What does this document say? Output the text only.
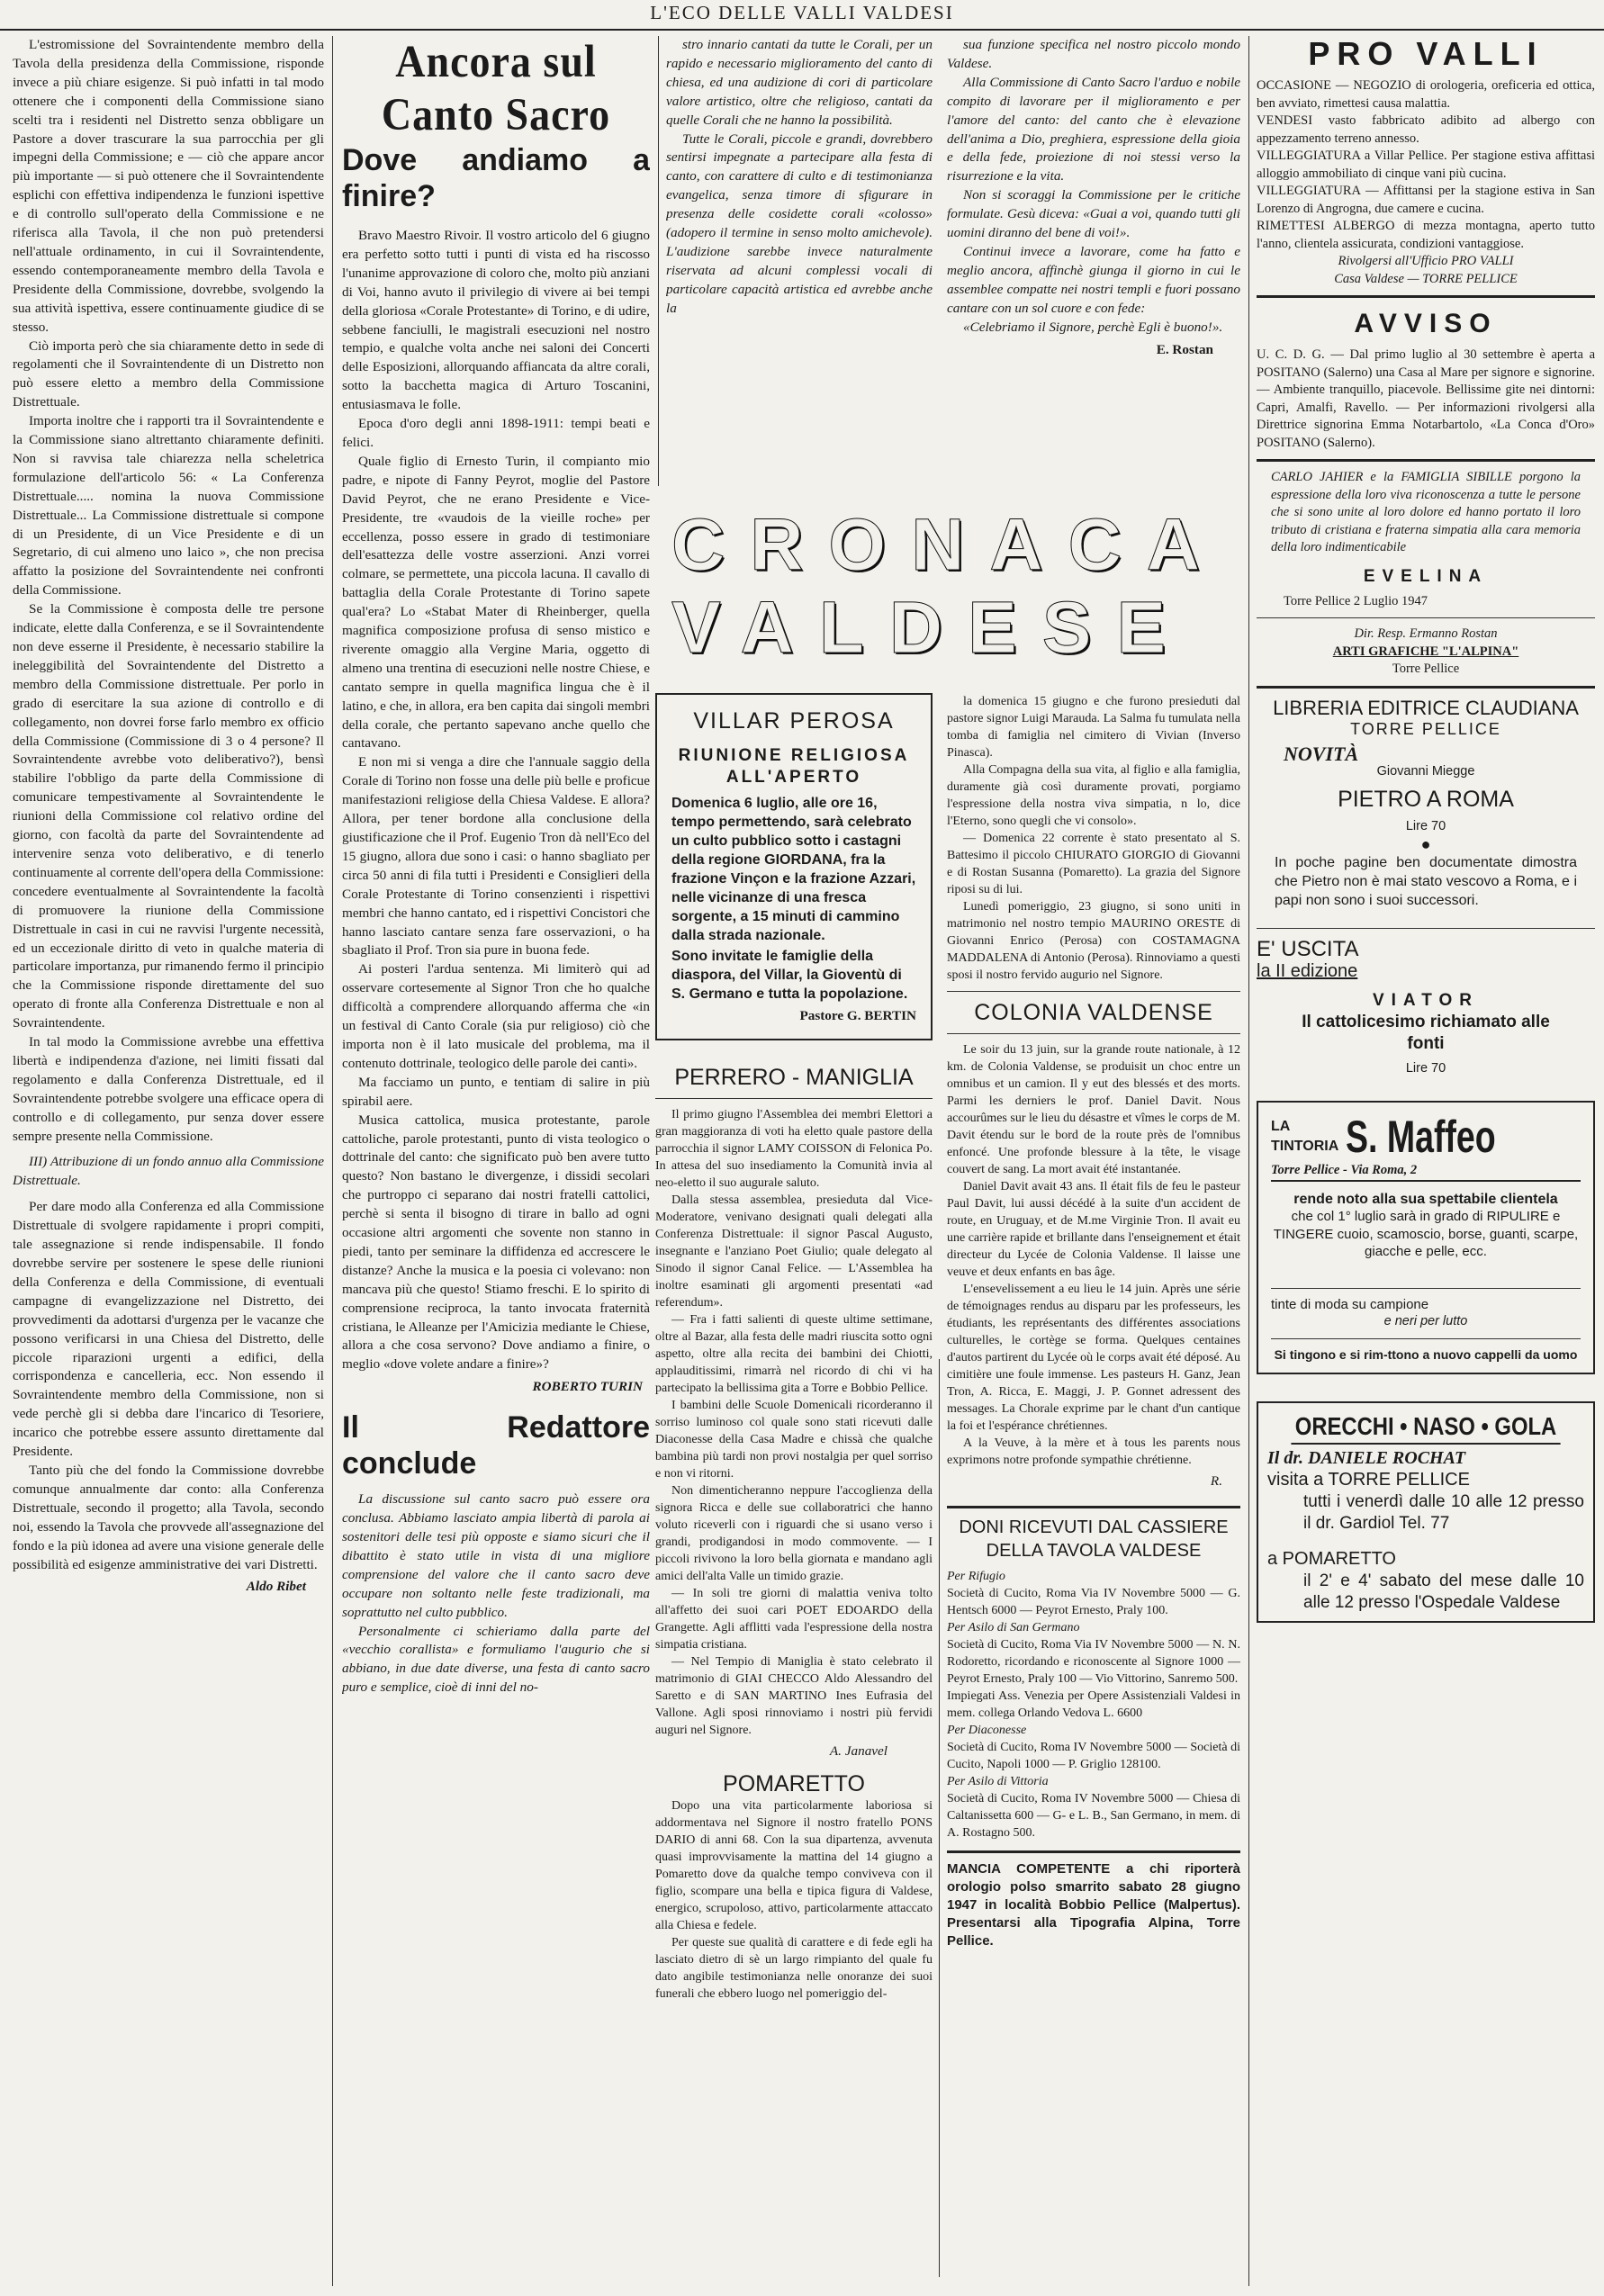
L'ECO DELLE VALLI VALDESI

L'estromissione del Sovraintendente membro della Tavola della presidenza della Commissione, risponde invece a più chiare esigenze. Si può infatti in tal modo ottenere che i componenti della Commissione siano scelti tra i residenti nel Distretto senza obbligare un Pastore a dover trascurare la sua parrocchia per gli impegni della Commissione; e — ciò che appare ancor più importante — si può ottenere che il Sovraintendente esplichi con effettiva indipendenza le funzioni ispettive e di controllo sull'operato della Commissione e ne riferisca alla Tavola, il che non può pretendersi nell'attuale ordinamento, in cui il Sovraintendente, essendo contemporaneamente membro della Tavola e Presidente della Commissione, dovrebbe, svolgendo la sua attività ispettiva, essere continuamente giudice di se stesso.

Ciò importa però che sia chiaramente detto in sede di regolamenti che il Sovraintendente di un Distretto non può essere eletto a membro della Commissione Distrettuale.

Importa inoltre che i rapporti tra il Sovraintendente e la Commissione siano altrettanto chiaramente definiti. Non si ravvisa tale chiarezza nella scheletrica formulazione dell'articolo 56: « La Conferenza Distrettuale..... nomina la nuova Commissione Distrettuale... La Commissione distrettuale si compone di un Presidente, di un Vice Presidente e di un Segretario, di cui almeno uno laico », che non precisa affatto la posizione del Sovraintendente nei confronti della Commissione.

Se la Commissione è composta delle tre persone indicate, elette dalla Conferenza, e se il Sovraintendente non deve esserne il Presidente, è necessario stabilire la ineleggibilità del Sovraintendente del Distretto a membro della Commissione distrettuale. Per porlo in grado di esercitare la sua azione di controllo e di collegamento, non dovrei forse farlo membro ex officio della Commissione (Commissione di 3 o 4 persone? Il Sovraintendente avrebbe voto deliberativo?), bensì stabilire l'obbligo da parte della Commissione di comunicare tempestivamente al Sovraintendente le riunioni della Commissione col relativo ordine del giorno, con facoltà da parte del Sovraintendente ad intervenire senza voto deliberativo, e di tenerlo continuamente al corrente dell'opera della Commissione: concedere eventualmente al Sovraintendente la facoltà di promuovere la riunione della Commissione Distrettuale in casi in cui ne ravvisi l'urgente necessità, ed un eccezionale diritto di veto in qualche materia di particolare importanza, pur rimanendo fermo il principio che la Commissione risponde direttamente del suo operato di fronte alla Conferenza Distrettuale e non al Sovraintendente.

In tal modo la Commissione avrebbe una effettiva libertà e indipendenza d'azione, nei limiti fissati dal regolamento e dalla Conferenza Distrettuale, ed il Sovraintendente potrebbe svolgere una efficace opera di controllo e di collegamento, pur senza dover essere sempre presente nella Commissione.

III) Attribuzione di un fondo annuo alla Commissione Distrettuale.

Per dare modo alla Conferenza ed alla Commissione Distrettuale di svolgere rapidamente i propri compiti, tale assegnazione si rende indispensabile. Il fondo dovrebbe servire per sostenere le spese delle riunioni della Conferenza e della Commissione, di eventuali campagne di evangelizzazione nel Distretto, dei provvedimenti da adottarsi d'urgenza per le vacanze che possono verificarsi in una Chiesa del Distretto, delle piccole riparazioni urgenti a edifici, della corrispondenza e cancelleria, ecc. Non essendo il Sovraintendente membro della Commissione, non si vede perchè gli si debba dare l'incarico di Tesoriere, incarico che potrebbe essere assunto direttamente dal Presidente.

Tanto più che del fondo la Commissione dovrebbe comunque annualmente dar conto: alla Conferenza Distrettuale, secondo il progetto; alla Tavola, secondo noi, essendo la Tavola che provvede all'assegnazione del fondo e la più idonea ad avere una visione generale delle possibilità ed esigenze amministrative dei vari Distretti.

Aldo Ribet
Ancora sul Canto Sacro
Dove andiamo a finire?

Bravo Maestro Rivoir. Il vostro articolo del 6 giugno era perfetto sotto tutti i punti di vista ed ha riscosso l'unanime approvazione di coloro che, molto più anziani di Voi, hanno avuto il privilegio di vivere ai bei tempi della gloriosa «Corale Protestante» di Torino, e di udire, sebbene fanciulli, le magistrali esecuzioni nel nostro tempio, e qualche volta anche nei saloni dei Concerti delle Esposizioni, allorquando affiancata da altre corali, sotto la bacchetta magica di Arturo Toscanini, entusiasmava le folle.

Epoca d'oro degli anni 1898-1911: tempi beati e felici.

Quale figlio di Ernesto Turin, il compianto mio padre, e nipote di Fanny Peyrot, moglie del Pastore David Peyrot, che ne erano Presidente e Vice-Presidente, tre «vaudois de la vieille roche» per eccellenza, posso essere in grado di testimoniare dell'esattezza delle vostre asserzioni. Anzi vorrei colmare, se permettete, una piccola lacuna. Il cavallo di battaglia della Corale Protestante di Torino sapete qual'era? Lo «Stabat Mater di Rheinberger, quella magnifica composizione profusa di senso mistico e riverente omaggio alla Vergine Maria, oggetto di almeno una trentina di esecuzioni nelle nostre Chiese, e cantato sempre in quella magnifica lingua che è il latino, e che, in allora, era ben capita dai singoli membri della corale, che pertanto sapevano anche quello che cantavano.

E non mi si venga a dire che l'annuale saggio della Corale di Torino non fosse una delle più belle e proficue manifestazioni religiose della Chiesa Valdese. E allora? Allora, per tener bordone alla conclusione della giustificazione che il Prof. Eugenio Tron dà nell'Eco del 15 giugno, allora due sono i casi: o hanno sbagliato per circa 50 anni di fila tutti i Presidenti e Consiglieri della Corale Protestante di Torino consenzienti i rispettivi membri che hanno cantato, ed i rispettivi Concistori che hanno lasciato cantare senza fare osservazioni, o ha sbagliato il Prof. Tron sia pure in buona fede.

Ai posteri l'ardua sentenza. Mi limiterò qui ad osservare cortesemente al Signor Tron che ho qualche difficoltà a comprendere allorquando afferma che «in un festival di Canto Corale (sia pur religioso) ciò che importa non è il lato musicale del problema, ma il contenuto dottrinale, teologico delle parole dei canti».

Ma facciamo un punto, e tentiam di salire in più spirabil aere.

Musica cattolica, musica protestante, parole cattoliche, parole protestanti, punto di vista teologico o dottrinale del canto: che significato può ben avere tutto questo? Non bastano le divergenze, i dissidi secolari che purtroppo ci separano dai nostri fratelli cattolici, perchè si senta il bisogno di tirare in ballo ad ogni occasione altri argomenti che sovente non stanno in piedi, tanto per seminare la diffidenza ed accrescere le distanze? Anche la musica e la poesia ci volevano: non mancava più che questo! Stiamo freschi. E lo spirito di comprensione reciproca, la tanto invocata fraternità cristiana, le Alleanze per l'Amicizia mediante le Chiese, allora a che cosa servono? Dove andiamo a finire, o meglio «dove volete andare a finire»?

ROBERTO TURIN
Il Redattore conclude

La discussione sul canto sacro può essere ora conclusa. Abbiamo lasciato ampia libertà di parola ai sostenitori delle tesi più opposte e siamo sicuri che il dibattito è stato utile in vista di una migliore comprensione del valore che il canto sacro deve occupare non soltanto nelle feste tradizionali, ma soprattutto nel culto pubblico.

Personalmente ci schieriamo dalla parte del «vecchio corallista» e formuliamo l'augurio che si abbiano, in due date diverse, una festa di canto sacro puro e semplice, cioè di inni del no-

stro innario cantati da tutte le Corali, per un rapido e necessario miglioramento del canto di chiesa, ed una audizione di cori di particolare valore artistico, oltre che religioso, cantati da quelle Corali che ne hanno la possibilità.

Tutte le Corali, piccole e grandi, dovrebbero sentirsi impegnate a partecipare alla festa di canto, con carattere di culto e di testimonianza evangelica, senza timore di sfigurare in presenza delle cosidette corali «colosso» (adopero il termine in senso molto amichevole). L'audizione sarebbe invece naturalmente riservata ad alcuni complessi vocali di particolare capacità artistica ed avrebbe anche la

sua funzione specifica nel nostro piccolo mondo Valdese.

Alla Commissione di Canto Sacro l'arduo e nobile compito di lavorare per il miglioramento e per l'amore del canto: del canto che è elevazione dell'anima a Dio, preghiera, espressione della gioia e della fede, proiezione di noi stessi verso la risurrezione e la vita.

Non si scoraggi la Commissione per le critiche formulate. Gesù diceva: «Guai a voi, quando tutti gli uomini diranno del bene di voi!».

Continui invece a lavorare, come ha fatto e meglio ancora, affinchè giunga il giorno in cui le assemblee compatte nei nostri templi e fuori possano cantare con un sol cuore e con fede:

«Celebriamo il Signore, perchè Egli è buono!».

E. Rostan
CRONACA
VALDESE
VILLAR PEROSA
RIUNIONE RELIGIOSA ALL'APERTO
Domenica 6 luglio, alle ore 16, tempo permettendo, sarà celebrato un culto pubblico sotto i castagni della regione GIORDANA, fra la frazione Vinçon e la frazione Azzari, nelle vicinanze di una fresca sorgente, a 15 minuti di cammino dalla strada nazionale.
Sono invitate le famiglie della diaspora, del Villar, la Gioventù di S. Germano e tutta la popolazione.
Pastore G. BERTIN
PERRERO - MANIGLIA

Il primo giugno l'Assemblea dei membri Elettori a gran maggioranza di voti ha eletto quale pastore della parrocchia il signor LAMY COISSON di Felonica Po. In attesa del suo insediamento la Comunità invia al neo-eletto il suo augurale saluto.

Dalla stessa assemblea, presieduta dal Vice-Moderatore, venivano designati quali delegati alla Conferenza Distrettuale: il signor Pascal Augusto, insegnante e l'anziano Poet Giulio; quale delegato al Sinodo il signor Canal Felice. — L'Assemblea ha inoltre esaminati gli argomenti presentati «ad referendum».

— Fra i fatti salienti di queste ultime settimane, oltre al Bazar, alla festa delle madri riuscita sotto ogni aspetto, oltre alla recita dei bambini dei Chiotti, applauditissimi, rimarrà nel ricordo di chi vi ha partecipato la bellissima gita a Torre e Bobbio Pellice.

I bambini delle Scuole Domenicali ricorderanno il sorriso luminoso col quale sono stati ricevuti dalle Diaconesse della Casa Madre e chissà che qualche bambina più tardi non provi nostalgia per quel sorriso e non vi ritorni.

Non dimenticheranno neppure l'accoglienza della signora Ricca e delle sue collaboratrici che hanno voluto riceverli con i riguardi che si usano verso i grandi, prodigandosi in modo commovente. — I piccoli rivivono la loro bella giornata e mandano agli amici dell'alta Valle un timido grazie.

— In soli tre giorni di malattia veniva tolto all'affetto dei suoi cari POET EDOARDO della Grangette. Agli afflitti vada l'espressione della nostra simpatia cristiana.

— Nel Tempio di Maniglia è stato celebrato il matrimonio di GIAI CHECCO Aldo Alessandro del Saretto e di SAN MARTINO Ines Eufrasia del Vallone. Agli sposi rinnoviamo i nostri più fervidi auguri nel Signore.

A. Janavel
POMARETTO

Dopo una vita particolarmente laboriosa si addormentava nel Signore il nostro fratello PONS DARIO di anni 68. Con la sua dipartenza, avvenuta quasi improvvisamente la mattina del 14 giugno a Pomaretto dove da qualche tempo conviveva con il figlio, scompare una bella e tipica figura di Valdese, energico, scrupoloso, attivo, particolarmente attaccato alla Chiesa e fedele.

Per queste sue qualità di carattere e di fede egli ha lasciato dietro di sè un largo rimpianto del quale fu dato angibile testimonianza nelle onoranze dei suoi funerali che ebbero luogo nel pomeriggio del-

la domenica 15 giugno e che furono presieduti dal pastore signor Luigi Marauda. La Salma fu tumulata nella tomba di famiglia nel cimitero di Vivian (Inverso Pinasca).

Alla Compagna della sua vita, al figlio e alla famiglia, duramente già così duramente provati, porgiamo l'espressione della nostra viva simpatia, n lo, dice l'Eterno, sono quegli che vi consolo».

— Domenica 22 corrente è stato presentato al S. Battesimo il piccolo CHIURATO GIORGIO di Giovanni e di Rostan Susanna (Pomaretto). La grazia del Signore riposi su di lui.

Lunedì pomeriggio, 23 giugno, si sono uniti in matrimonio nel nostro tempio MAURINO ORESTE di Giovanni Enrico (Perosa) con COSTAMAGNA MADDALENA di Antonio (Perosa). Rinnoviamo a questi sposi il nostro fervido augurio nel Signore.

COLONIA VALDENSE

Le soir du 13 juin, sur la grande route nationale, à 12 km. de Colonia Valdense, se produisit un choc entre un omnibus et un camion. Il y eut des blessés et des morts. Parmi les derniers le prof. Daniel Davit. Nous accourûmes sur le lieu du désastre et vîmes le corps de M. Davit étendu sur le bord de la route près de l'omnibus enfoncé. Une profonde blessure à la tête, le visage couvert de sang. La mort avait été instantanée.

Daniel Davit avait 43 ans. Il était fils de feu le pasteur Paul Davit, lui aussi décédé à la suite d'un accident de route, en Uruguay, et de M.me Virginie Tron. Il avait eu une carrière rapide et brillante dans l'enseignement et était directeur du Lycée de Colonia Valdense. Il laisse une veuve et deux enfants en bas âge.

L'ensevelissement a eu lieu le 14 juin. Après une série de témoignages rendus au disparu par les professeurs, les étudiants, les représentants des différentes associations culturelles, le cortège se forma. Quelques centaines d'autos partirent du Lycée où le corps avait été déposé. Au cimitière une foule immense. Les pasteurs H. Ganz, Jean Tron, A. Ricca, E. Maggi, J. P. Gonnet adressent des messages. La Chorale exprime par le chant d'un cantique la foi et l'espérance chrétiennes.

A la Veuve, à la mère et à tous les parents nous exprimons notre profonde sympathie chrétienne.

R.
DONI RICEVUTI DAL CASSIERE DELLA TAVOLA VALDESE

Per Rifugio

Società di Cucito, Roma Via IV Novembre 5000 — G. Hentsch 6000 — Peyrot Ernesto, Praly 100.

Per Asilo di San Germano

Società di Cucito, Roma Via IV Novembre 5000 — N. N. Rodoretto, ricordando e riconoscente al Signore 1000 — Peyrot Ernesto, Praly 100 — Vio Vittorino, Sanremo 500.

Impiegati Ass. Venezia per Opere Assistenziali Valdesi in mem. collega Orlando Vedova L. 6600

Per Diaconesse

Società di Cucito, Roma IV Novembre 5000 — Società di Cucito, Napoli 1000 — P. Griglio 128100.

Per Asilo di Vittoria

Società di Cucito, Roma IV Novembre 5000 — Chiesa di Caltanissetta 600 — G- e L. B., San Germano, in mem. di A. Rostagno 500.

MANCIA COMPETENTE a chi riporterà orologio polso smarrito sabato 28 giugno 1947 in località Bobbio Pellice (Malpertus). Presentarsi alla Tipografia Alpina, Torre Pellice.
PRO VALLI

OCCASIONE — NEGOZIO di orologeria, oreficeria ed ottica, ben avviato, rimettesi causa malattia.

VENDESI vasto fabbricato adibito ad albergo con appezzamento terreno annesso.

VILLEGGIATURA a Villar Pellice. Per stagione estiva affittasi alloggio ammobiliato di cinque vani più cucina.

VILLEGGIATURA — Affittansi per la stagione estiva in San Lorenzo di Angrogna, due camere e cucina.

RIMETTESI ALBERGO di mezza montagna, aperto tutto l'anno, clientela assicurata, condizioni vantaggiose.

Rivolgersi all'Ufficio PRO VALLI
Casa Valdese — TORRE PELLICE
AVVISO
U. C. D. G. — Dal primo luglio al 30 settembre è aperta a POSITANO (Salerno) una Casa al Mare per signore e signorine. — Ambiente tranquillo, piacevole. Bellissime gite nei dintorni: Capri, Amalfi, Ravello. — Per informazioni rivolgersi alla Direttrice signorina Emma Notarbartolo, «La Conca d'Oro» POSITANO (Salerno).
CARLO JAHIER e la FAMIGLIA SIBILLE porgono la espressione della loro viva riconoscenza a tutte le persone che si sono unite al loro dolore ed hanno portato il loro tributo di cristiana e fraterna simpatia alla cara memoria della loro indimenticabile
EVELINA
Torre Pellice 2 Luglio 1947
Dir. Resp. Ermanno Rostan
ARTI GRAFICHE "L'ALPINA"
Torre Pellice
LIBRERIA EDITRICE CLAUDIANA
TORRE PELLICE
NOVITÀ
Giovanni Miegge
PIETRO A ROMA
Lire 70
●
In poche pagine ben documentate dimostra che Pietro non è mai stato vescovo a Roma, e i papi non sono i suoi successori.
E' USCITA
la II edizione
VIATOR
Il cattolicesimo richiamato alle fonti
Lire 70
LA
TINTORIA S. Maffeo
Torre Pellice - Via Roma, 2
rende noto alla sua spettabile clientela
che col 1° luglio sarà in grado di RIPULIRE e TINGERE cuoio, scamoscio, borse, guanti, scarpe, giacche e pelle, ecc.
tinte di moda su campione
e neri per lutto
Si tingono e si rim-ttono a nuovo cappelli da uomo
ORECCHI • NASO • GOLA
Il dr. DANIELE ROCHAT
visita a TORRE PELLICE
tutti i venerdì dalle 10 alle 12 presso il dr. Gardiol Tel. 77
a POMARETTO
il 2' e 4' sabato del mese dalle 10 alle 12 presso l'Ospedale Valdese
